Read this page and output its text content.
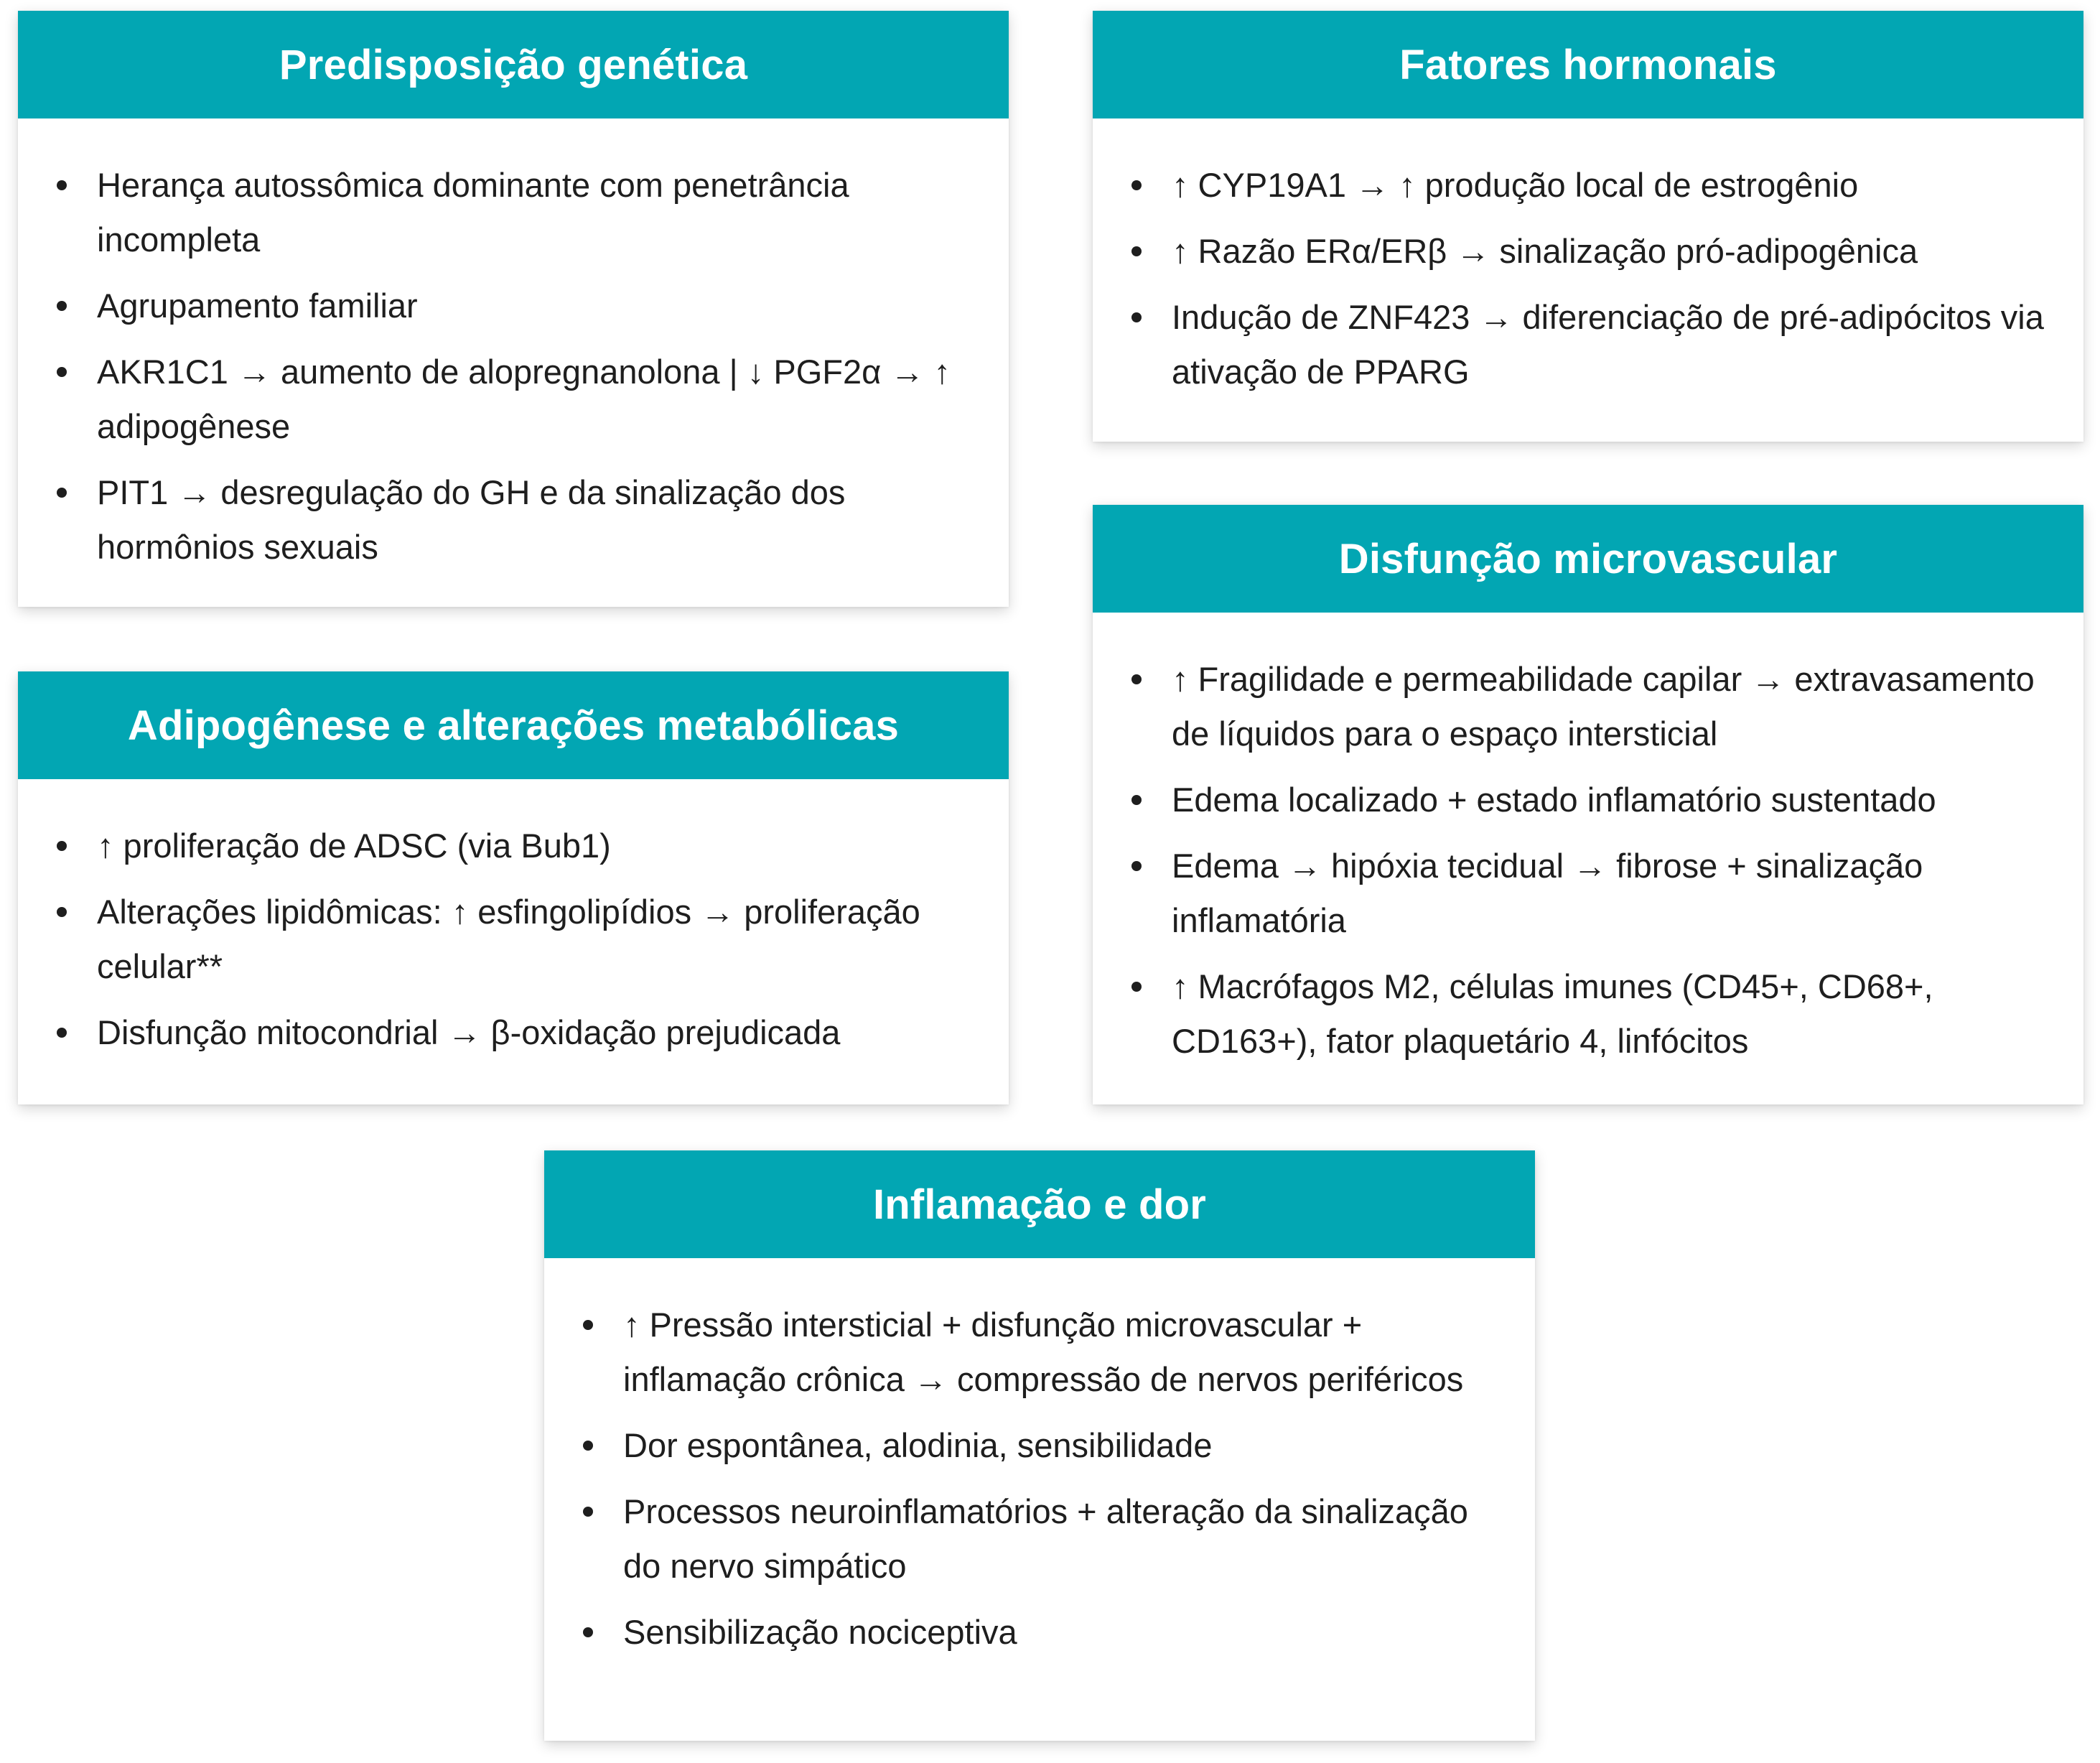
Predisposição genética
Herança autossômica dominante com penetrância incompleta
Agrupamento familiar
AKR1C1 → aumento de alopregnanolona | ↓ PGF2α → ↑ adipogênese
PIT1 → desregulação do GH e da sinalização dos hormônios sexuais
Fatores hormonais
↑ CYP19A1 → ↑ produção local de estrogênio
↑ Razão ERα/ERβ → sinalização pró-adipogênica
Indução de ZNF423 → diferenciação de pré-adipócitos via ativação de PPARG
Adipogênese e alterações metabólicas
↑ proliferação de ADSC (via Bub1)
Alterações lipidômicas: ↑ esfingolipídios → proliferação celular**
Disfunção mitocondrial → β-oxidação prejudicada
Disfunção microvascular
↑ Fragilidade e permeabilidade capilar → extravasamento de líquidos para o espaço intersticial
Edema localizado + estado inflamatório sustentado
Edema → hipóxia tecidual → fibrose + sinalização inflamatória
↑ Macrófagos M2, células imunes (CD45+, CD68+, CD163+), fator plaquetário 4, linfócitos
Inflamação e dor
↑ Pressão intersticial + disfunção microvascular + inflamação crônica → compressão de nervos periféricos
Dor espontânea, alodinia, sensibilidade
Processos neuroinflamatórios + alteração da sinalização do nervo simpático
Sensibilização nociceptiva
